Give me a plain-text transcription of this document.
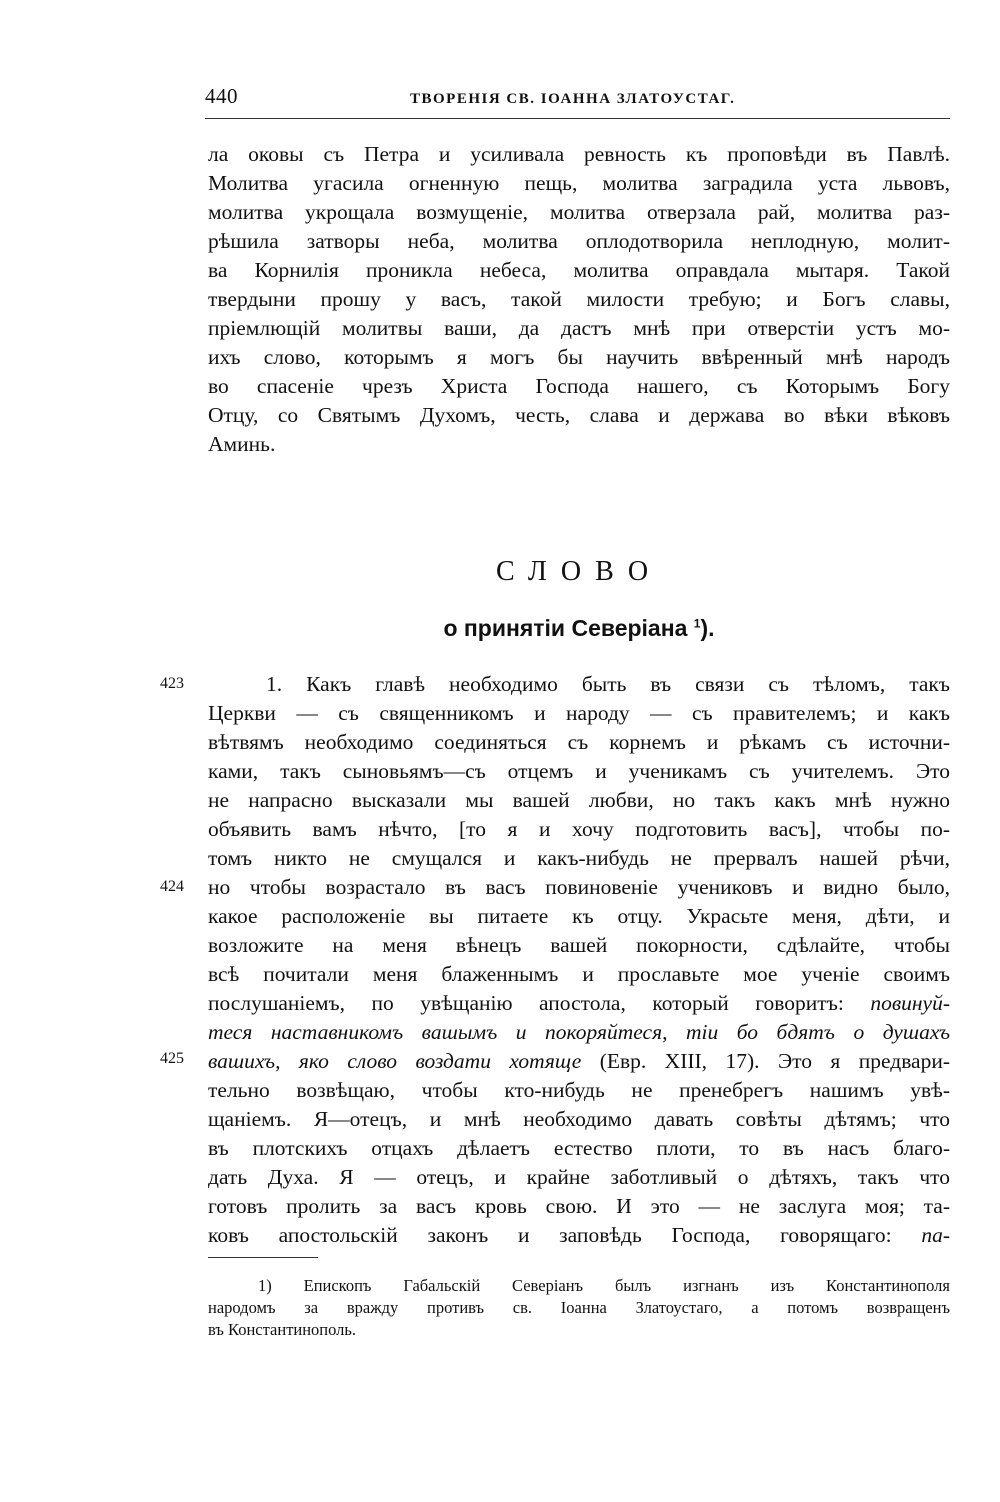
440	ТВОРЕНІЯ СВ. ІОАННА ЗЛАТОУСТАГ.
ла оковы съ Петра и усиливала ревность къ проповѣди въ Павлѣ.
Молитва угасила огненную пещь, молитва заградила уста львовъ,
молитва укрощала возмущеніе, молитва отверзала рай, молитва раз-
рѣшила затворы неба, молитва оплодотворила неплодную, молит-
ва Корнилія проникла небеса, молитва оправдала мытаря. Такой
твердыни прошу у васъ, такой милости требую; и Богъ славы,
пріемлющій молитвы ваши, да дастъ мнѣ при отверстіи устъ мо-
ихъ слово, которымъ я могъ бы научить ввѣренный мнѣ народъ
во спасеніе чрезъ Христа Господа нашего, съ Которымъ Богу
Отцу, со Святымъ Духомъ, честь, слава и держава во вѣки вѣковъ
Аминь.
СЛОВО
о принятіи Северіана $^1$).
423
424
425
1. Какъ главѣ необходимо быть въ связи съ тѣломъ, такъ
Церкви — съ священникомъ и народу — съ правителемъ; и какъ
вѣтвямъ необходимо соединяться съ корнемъ и рѣкамъ съ источни-
ками, такъ сыновьямъ—съ отцемъ и ученикамъ съ учителемъ. Это
не напрасно высказали мы вашей любви, но такъ какъ мнѣ нужно
объявить вамъ нѣчто, [то я и хочу подготовить васъ], чтобы по-
томъ никто не смущался и какъ-нибудь не прервалъ нашей рѣчи,
но чтобы возрастало въ васъ повиновеніе учениковъ и видно было,
какое расположеніе вы питаете къ отцу. Украсьте меня, дѣти, и
возложите на меня вѣнецъ вашей покорности, сдѣлайте, чтобы
всѣ почитали меня блаженнымъ и прославьте мое ученіе своимъ
послушаніемъ, по увѣщанію апостола, который говоритъ: повинуй-
теся наставникомъ вашымъ и покоряйтеся, тіи бо бдятъ о душахъ
вашихъ, яко слово воздати хотяще (Евр. XIII, 17). Это я предвари-
тельно возвѣщаю, чтобы кто-нибудь не пренебрегъ нашимъ увѣ-
щаніемъ. Я—отецъ, и мнѣ необходимо давать совѣты дѣтямъ; что
въ плотскихъ отцахъ дѣлаетъ естество плоти, то въ насъ благо-
дать Духа. Я — отецъ, и крайне заботливый о дѣтяхъ, такъ что
готовъ пролить за васъ кровь свою. И это — не заслуга моя; та-
ковъ апостольскій законъ и заповѣдь Господа, говорящаго: па-
1) Епископъ Габальскій Северіанъ былъ изгнанъ изъ Константинополя
народомъ за вражду противъ св. Іоанна Златоустаго, а потомъ возвращенъ
въ Константинополь.
